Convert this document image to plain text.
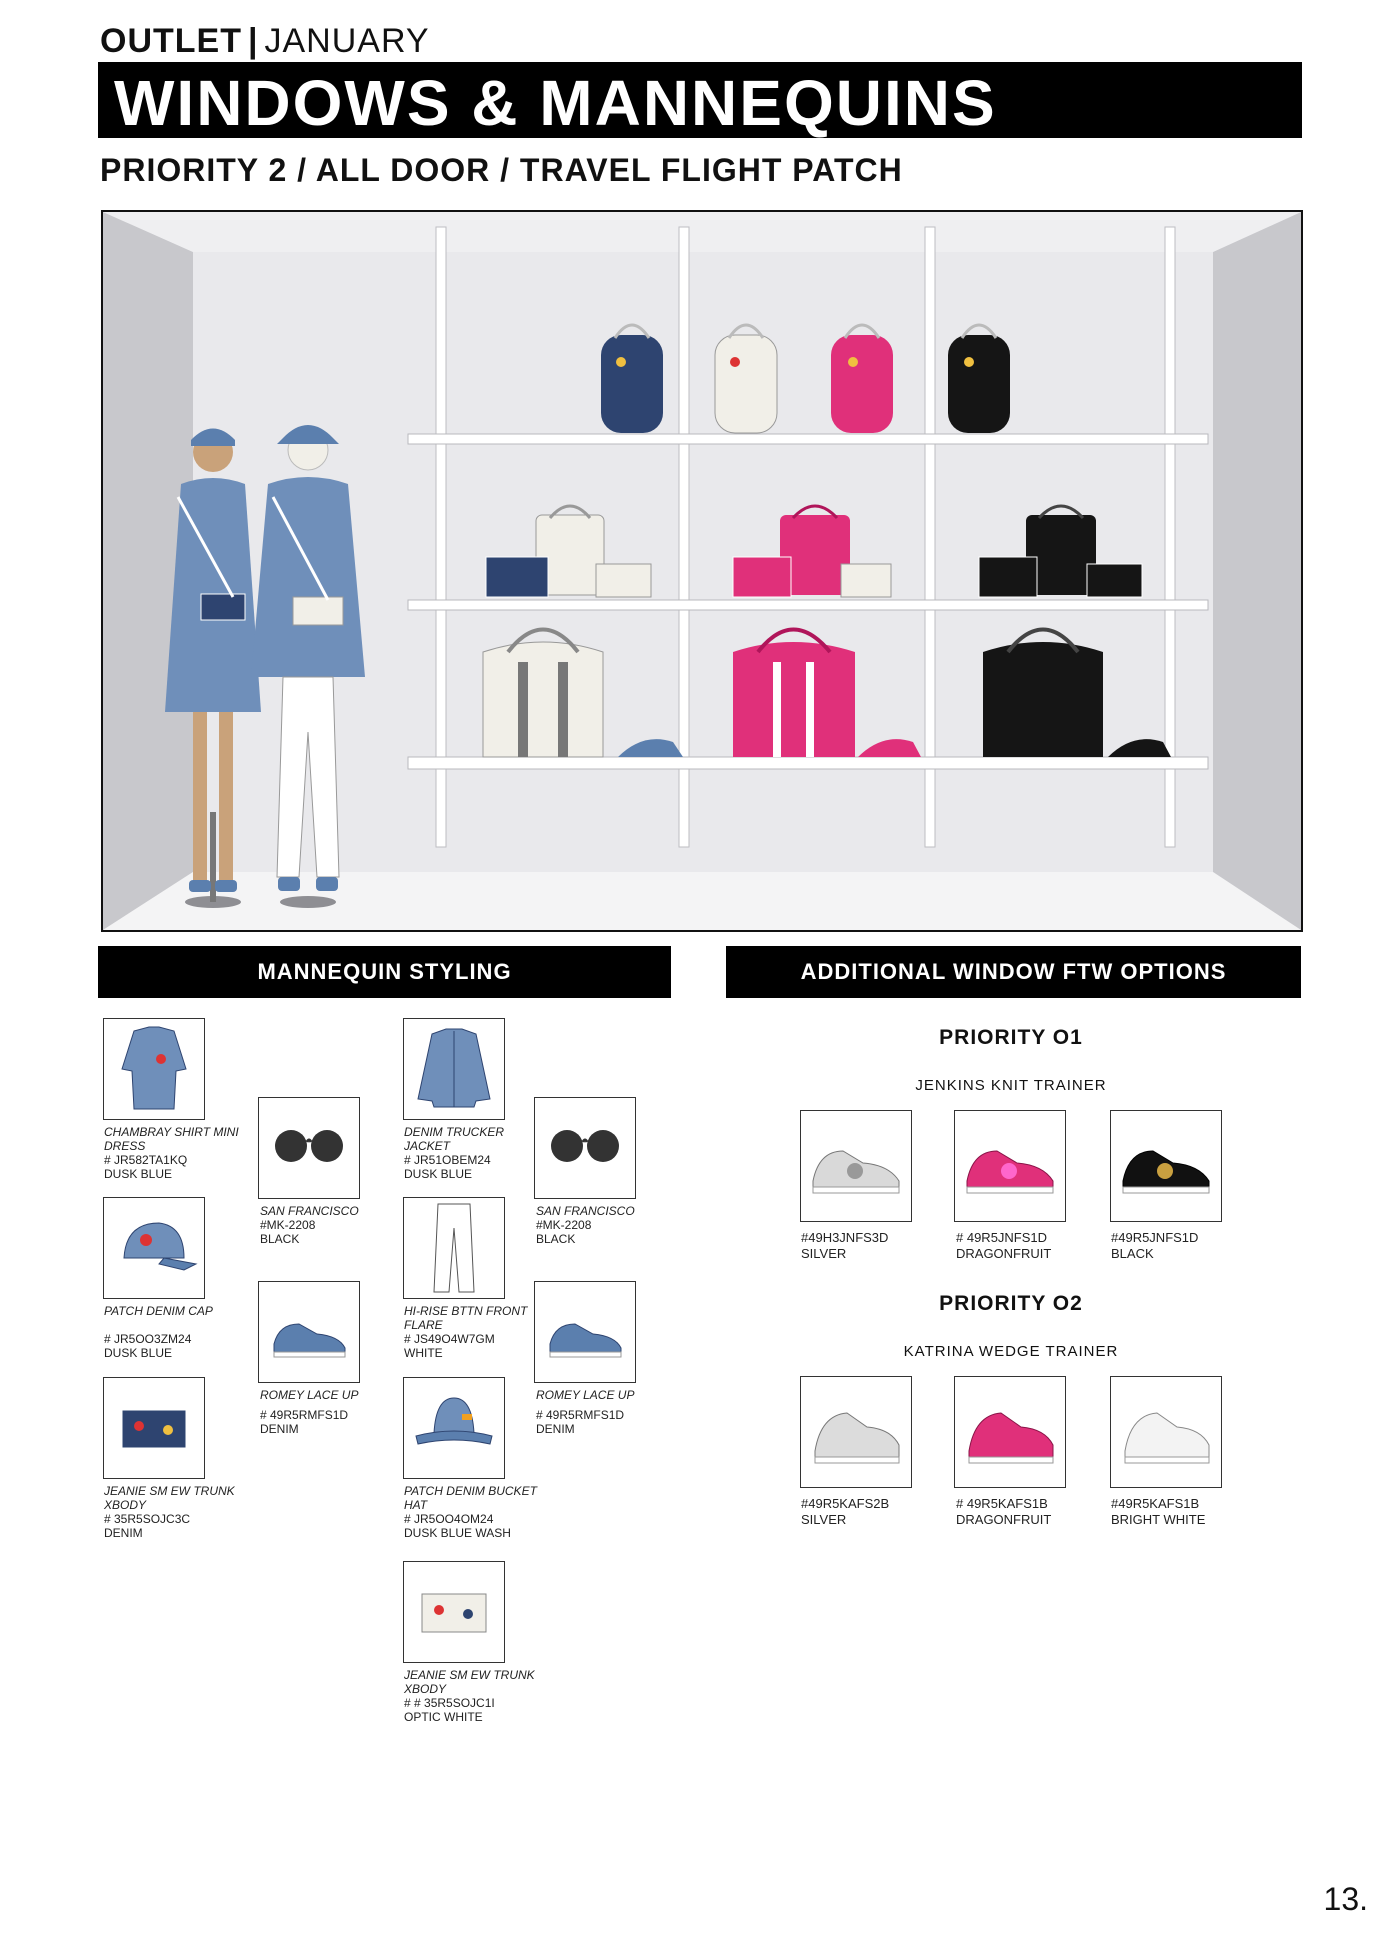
OUTLET | JANUARY
WINDOWS & MANNEQUINS
PRIORITY 2 / ALL DOOR / TRAVEL FLIGHT PATCH
MANNEQUIN STYLING	ADDITIONAL WINDOW FTW OPTIONS
CHAMBRAY SHIRT MINI DRESS
# JR582TA1KQ
DUSK BLUE
PATCH DENIM CAP
# JR5OO3ZM24
DUSK BLUE
JEANIE SM EW TRUNK XBODY
# 35R5SOJC3C
DENIM
SAN FRANCISCO
#MK-2208
BLACK
ROMEY LACE UP
# 49R5RMFS1D
DENIM
DENIM TRUCKER JACKET
# JR51OBEM24
DUSK BLUE
HI-RISE BTTN FRONT FLARE
# JS49O4W7GM
WHITE
PATCH DENIM BUCKET HAT
# JR5OO4OM24
DUSK BLUE WASH
JEANIE SM EW TRUNK XBODY
# # 35R5SOJC1I
OPTIC WHITE
SAN FRANCISCO
#MK-2208
BLACK
ROMEY LACE UP
# 49R5RMFS1D
DENIM
PRIORITY O1
JENKINS KNIT TRAINER
#49H3JNFS3D
SILVER
# 49R5JNFS1D
DRAGONFRUIT
#49R5JNFS1D
BLACK
PRIORITY O2
KATRINA WEDGE TRAINER
#49R5KAFS2B
SILVER
# 49R5KAFS1B
DRAGONFRUIT
#49R5KAFS1B
BRIGHT WHITE
13.
